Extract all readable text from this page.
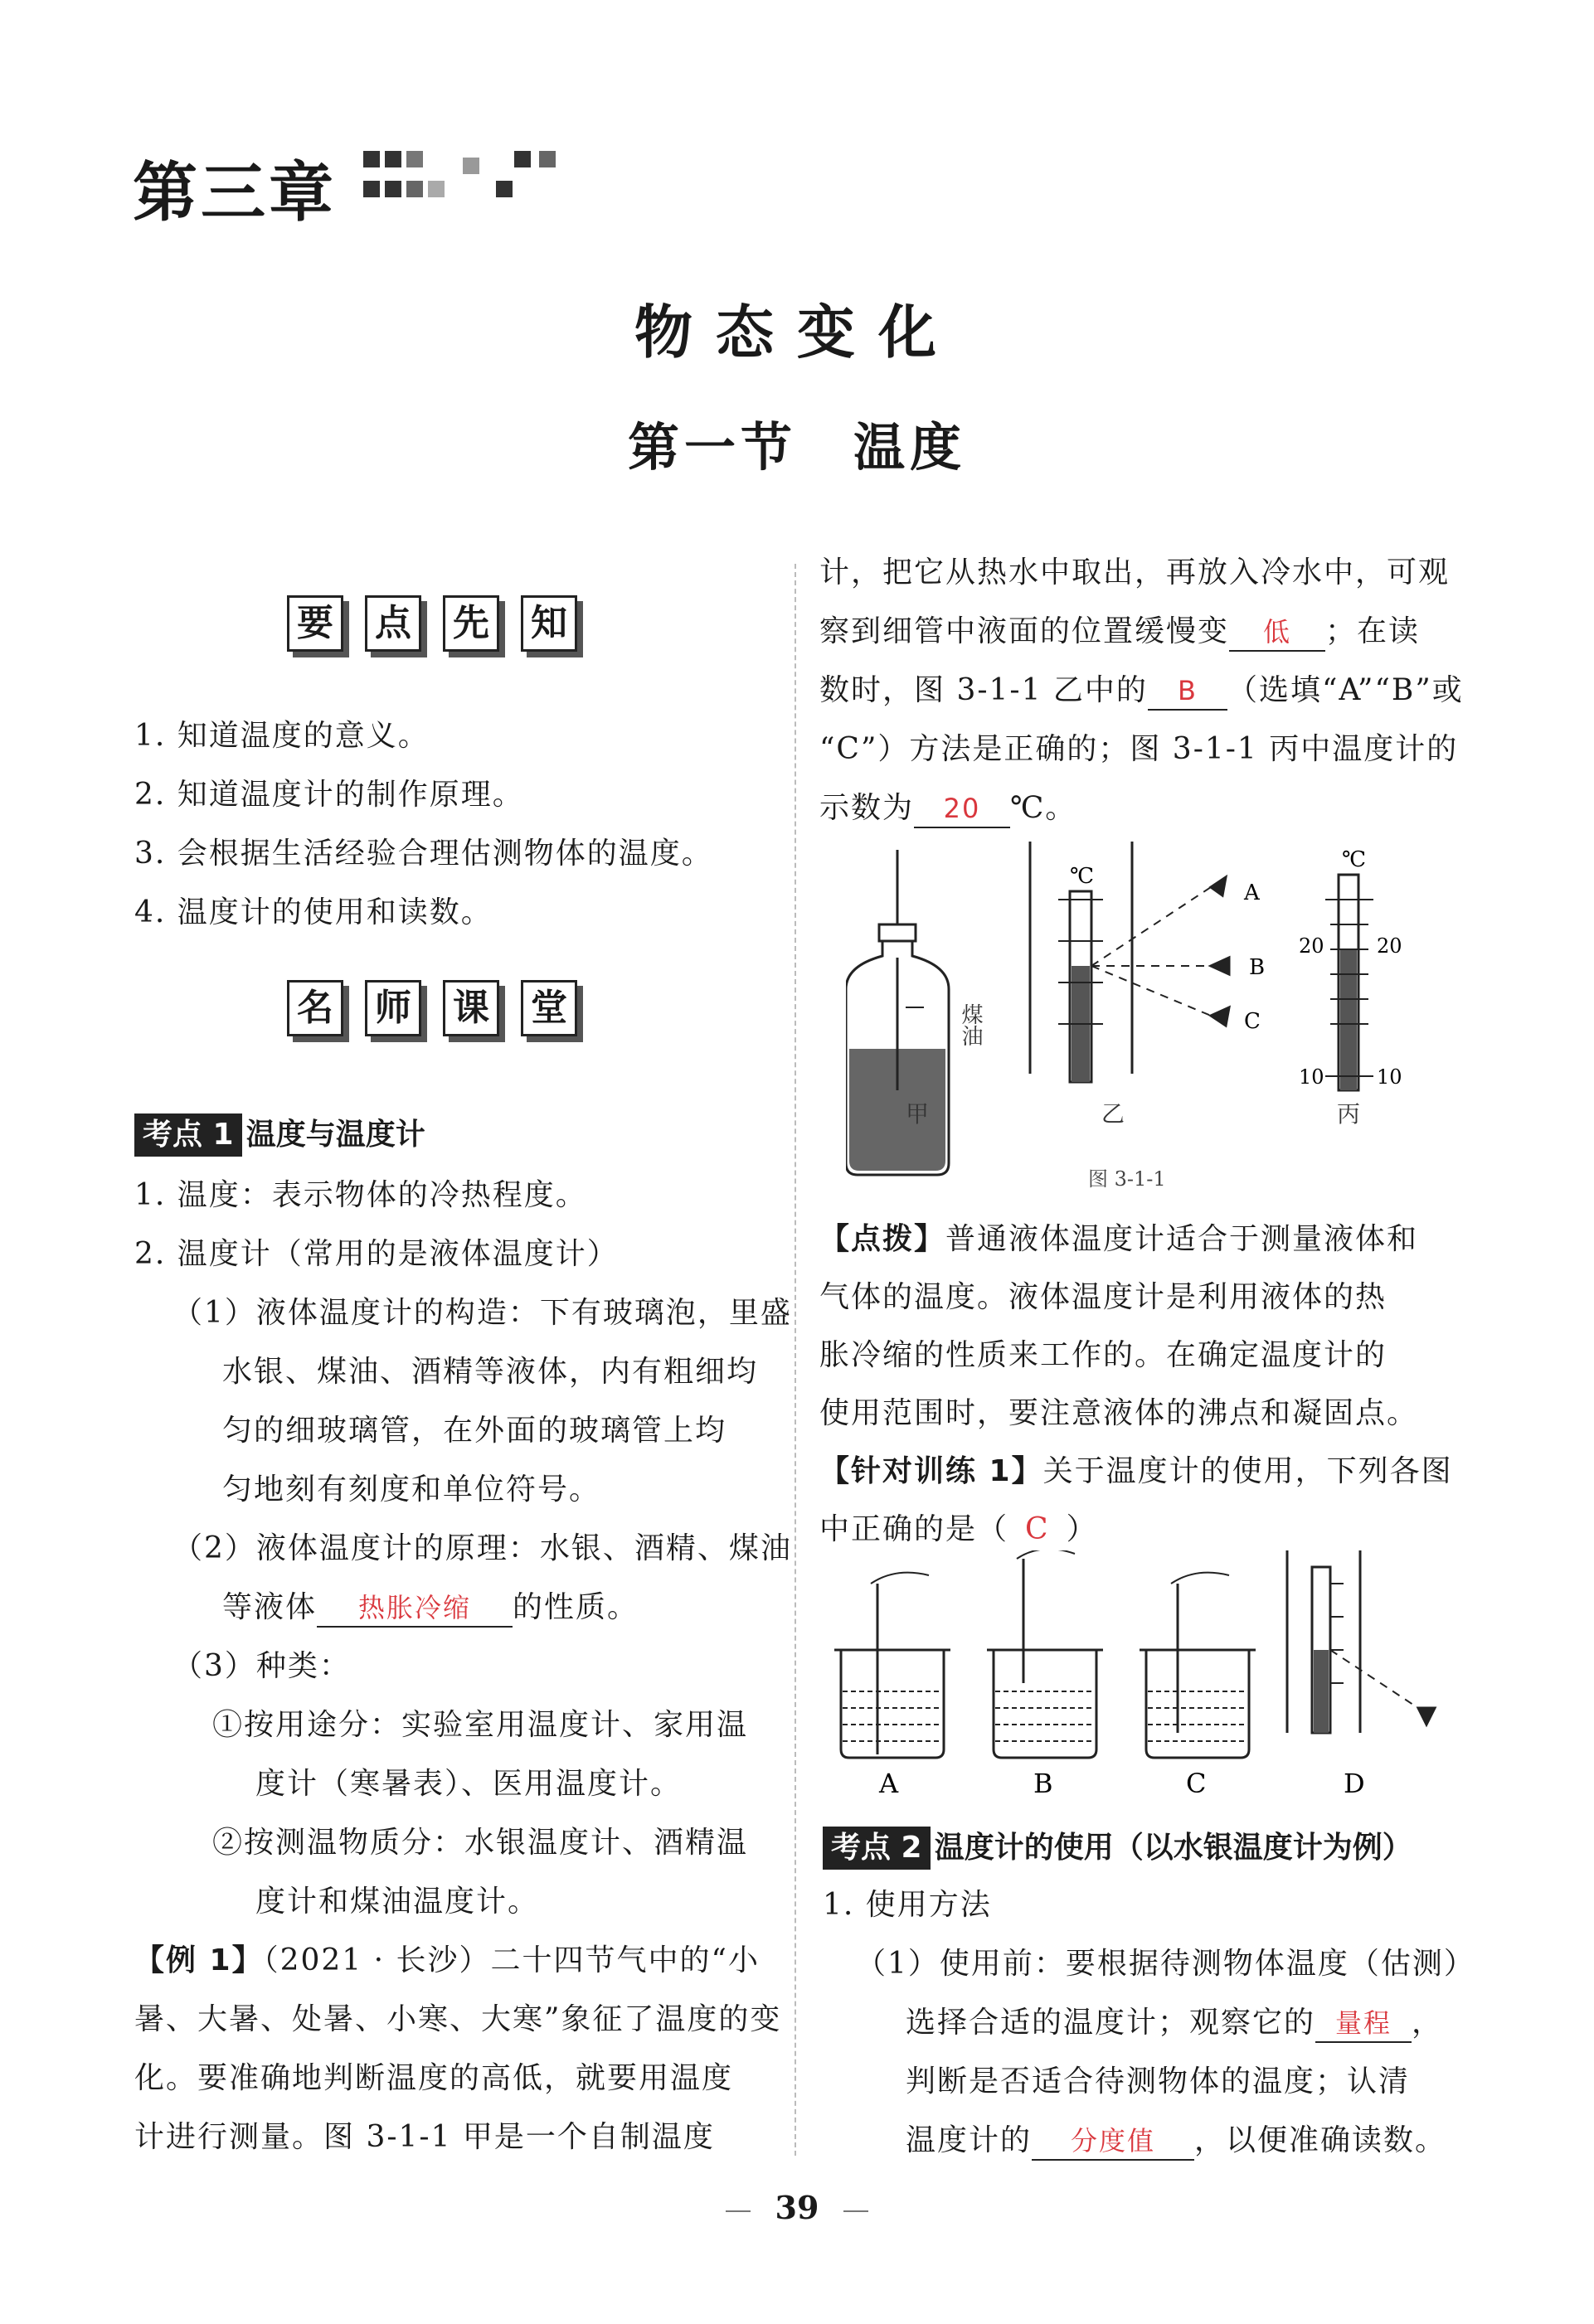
第三章
物态变化
第一节　温度
要 点 先 知
1. 知道温度的意义。
2. 知道温度计的制作原理。
3. 会根据生活经验合理估测物体的温度。
4. 温度计的使用和读数。
名 师 课 堂
考点 1 温度与温度计
1. 温度：表示物体的冷热程度。
2. 温度计（常用的是液体温度计）
（1）液体温度计的构造：下有玻璃泡，里盛
水银、煤油、酒精等液体，内有粗细均
匀的细玻璃管，在外面的玻璃管上均
匀地刻有刻度和单位符号。
（2）液体温度计的原理：水银、酒精、煤油
等液体 热胀冷缩 的性质。
（3）种类：
①按用途分：实验室用温度计、家用温
度计（寒暑表）、医用温度计。
②按测温物质分：水银温度计、酒精温
度计和煤油温度计。
【例 1】（2021 · 长沙）二十四节气中的“小
暑、大暑、处暑、小寒、大寒”象征了温度的变
化。要准确地判断温度的高低，就要用温度
计进行测量。图 3-1-1 甲是一个自制温度
计，把它从热水中取出，再放入冷水中，可观
察到细管中液面的位置缓慢变 低 ；在读
数时，图 3-1-1 乙中的 B （选填“A”“B”或
“C”）方法是正确的；图 3-1-1 丙中温度计的
示数为 20 ℃。
煤油
甲
℃
A
B
C
乙
℃
20	20
10	10
丙
图 3-1-1
【点拨】普通液体温度计适合于测量液体和
气体的温度。液体温度计是利用液体的热
胀冷缩的性质来工作的。在确定温度计的
使用范围时，要注意液体的沸点和凝固点。
【针对训练 1】关于温度计的使用，下列各图
中正确的是（ C ）
A	B	C	D
考点 2 温度计的使用（以水银温度计为例）
1. 使用方法
（1）使用前：要根据待测物体温度（估测）
选择合适的温度计；观察它的 量程 ，
判断是否适合待测物体的温度；认清
温度计的 分度值 ，以便准确读数。
39
